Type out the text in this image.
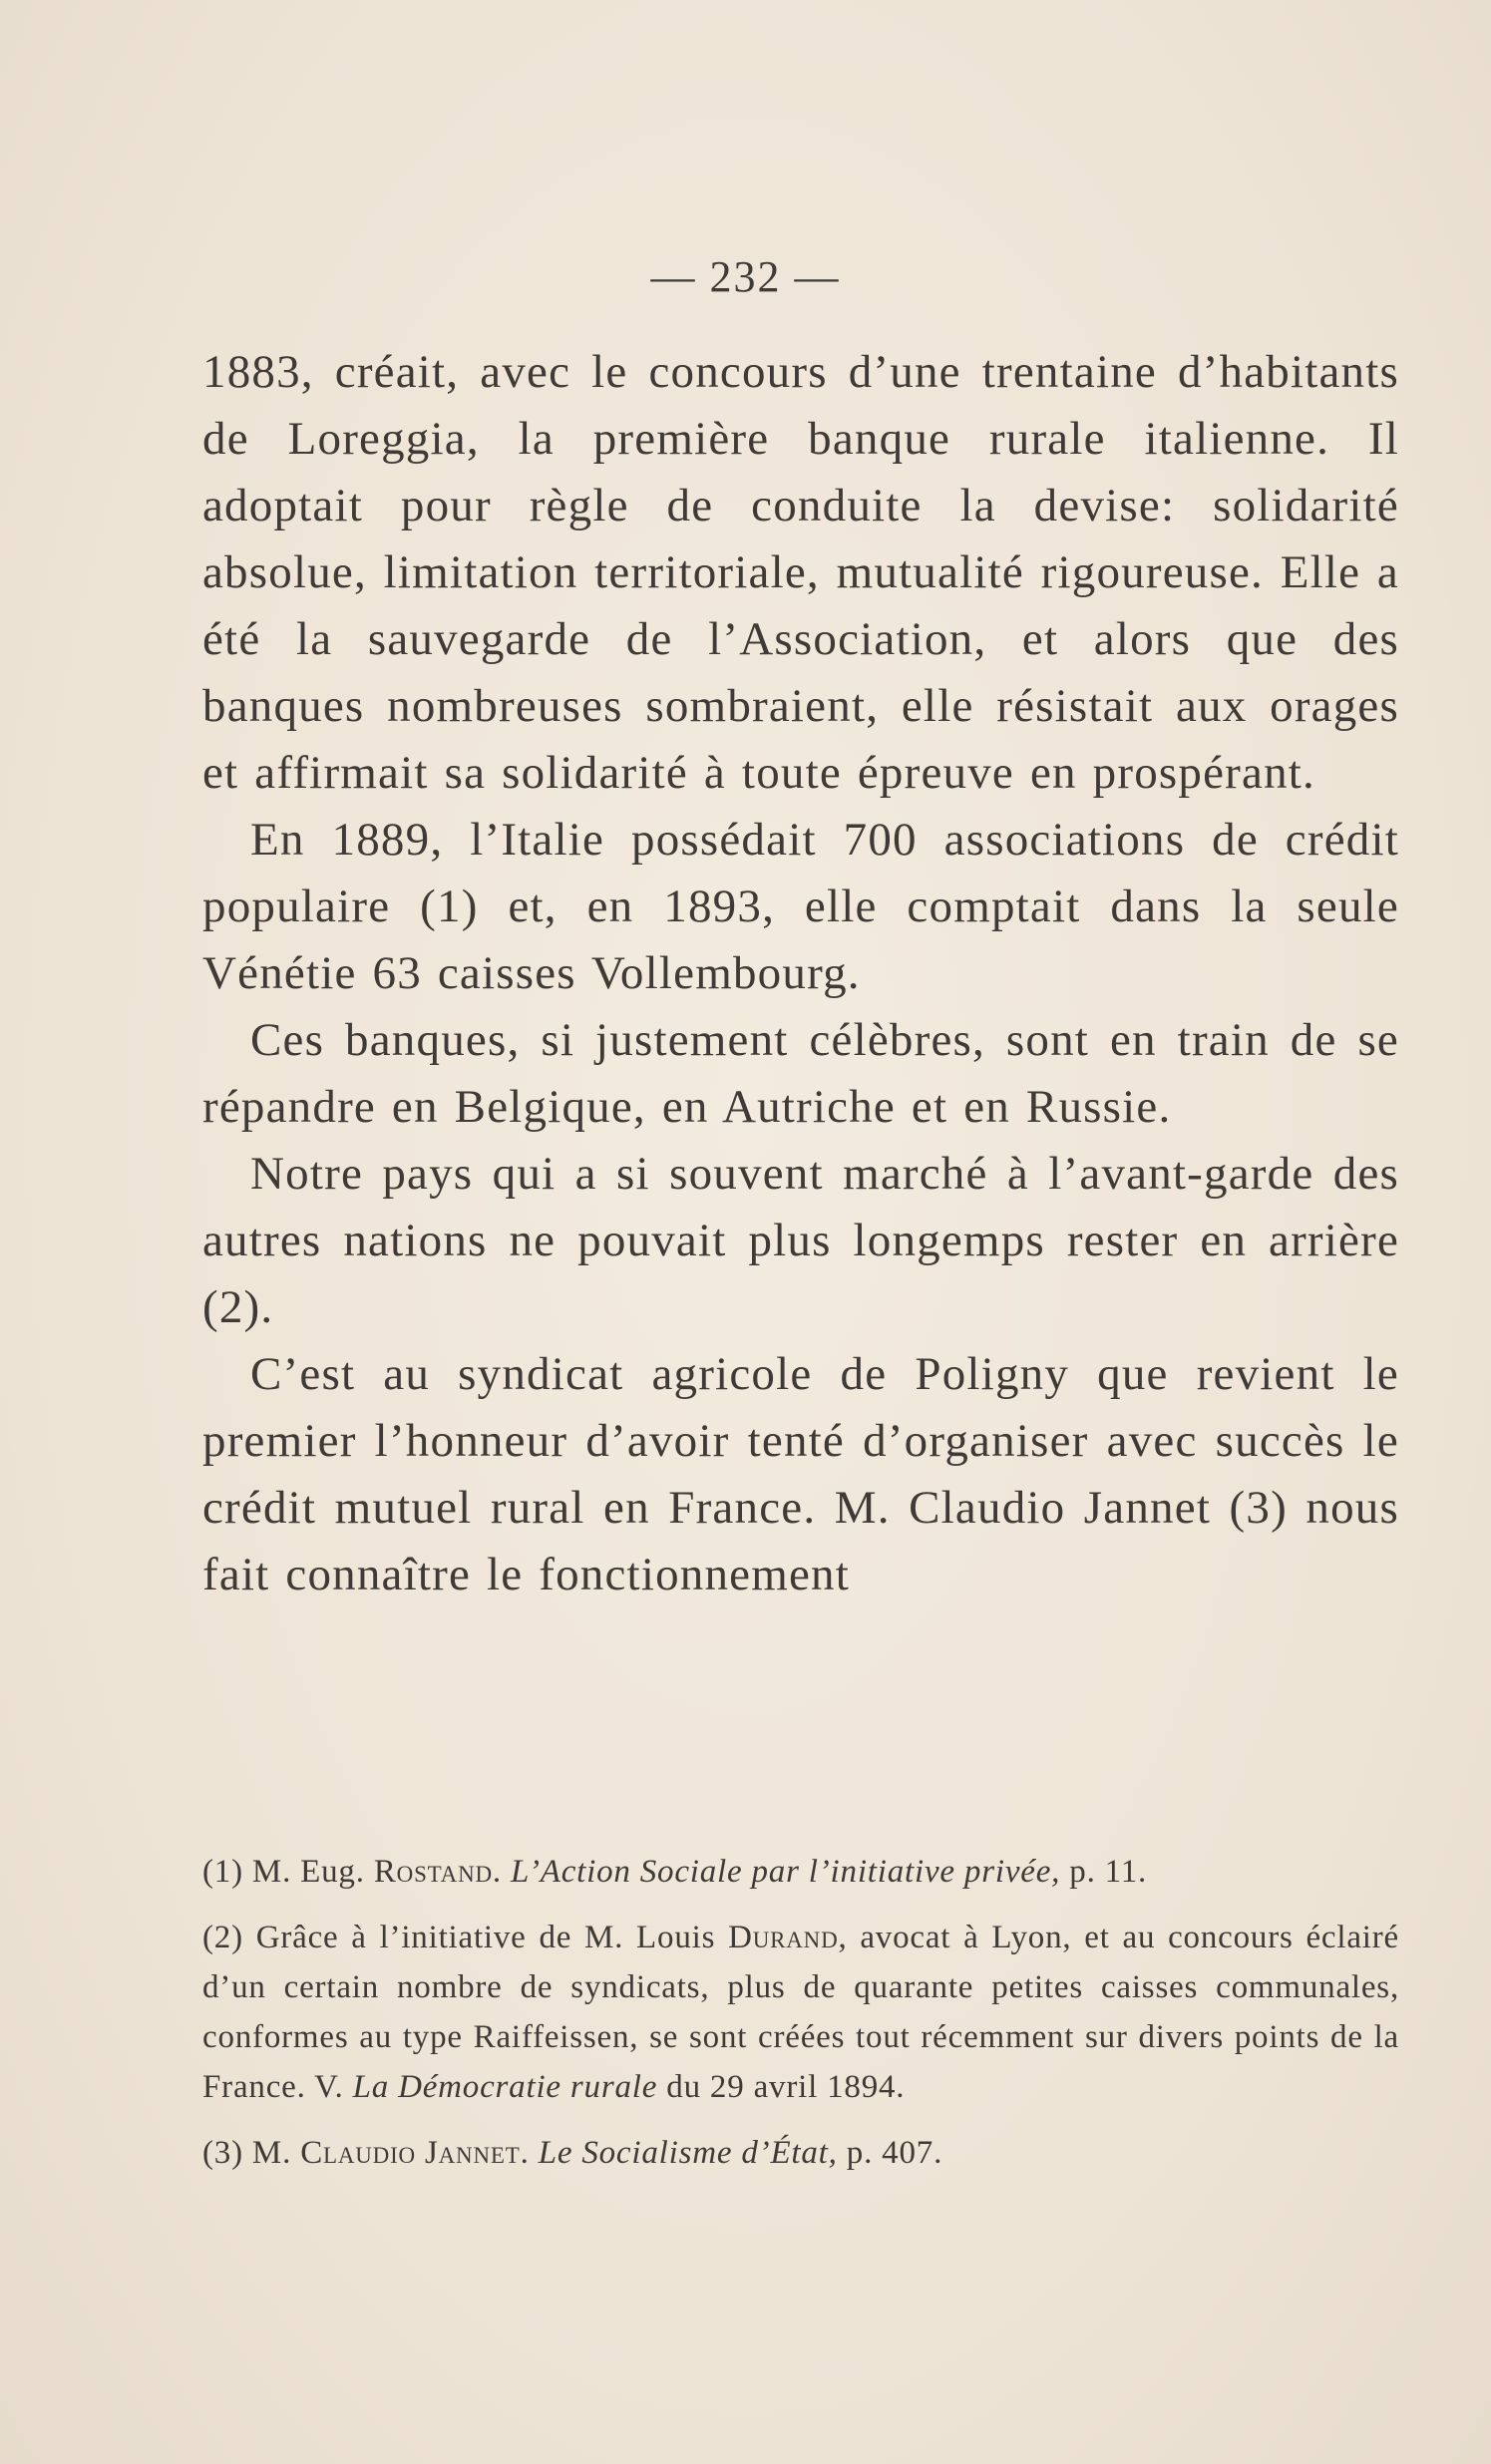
— 232 —

1883, créait, avec le concours d’une trentaine d’habitants de Loreggia, la première banque rurale italienne. Il adoptait pour règle de conduite la devise: solidarité absolue, limitation territoriale, mutualité rigoureuse. Elle a été la sauvegarde de l’Association, et alors que des banques nombreuses sombraient, elle résistait aux orages et affirmait sa solidarité à toute épreuve en prospérant.

En 1889, l’Italie possédait 700 associations de crédit populaire (1) et, en 1893, elle comptait dans la seule Vénétie 63 caisses Vollembourg.

Ces banques, si justement célèbres, sont en train de se répandre en Belgique, en Autriche et en Russie.

Notre pays qui a si souvent marché à l’avant-garde des autres nations ne pouvait plus longemps rester en arrière (2).

C’est au syndicat agricole de Poligny que revient le premier l’honneur d’avoir tenté d’organiser avec succès le crédit mutuel rural en France. M. Claudio Jannet (3) nous fait connaître le fonctionnement

(1) M. Eug. Rostand. L’Action Sociale par l’initiative privée, p. 11.

(2) Grâce à l’initiative de M. Louis Durand, avocat à Lyon, et au concours éclairé d’un certain nombre de syndicats, plus de quarante petites caisses communales, conformes au type Raiffeissen, se sont créées tout récemment sur divers points de la France. V. La Démocratie rurale du 29 avril 1894.

(3) M. Claudio Jannet. Le Socialisme d’État, p. 407.
